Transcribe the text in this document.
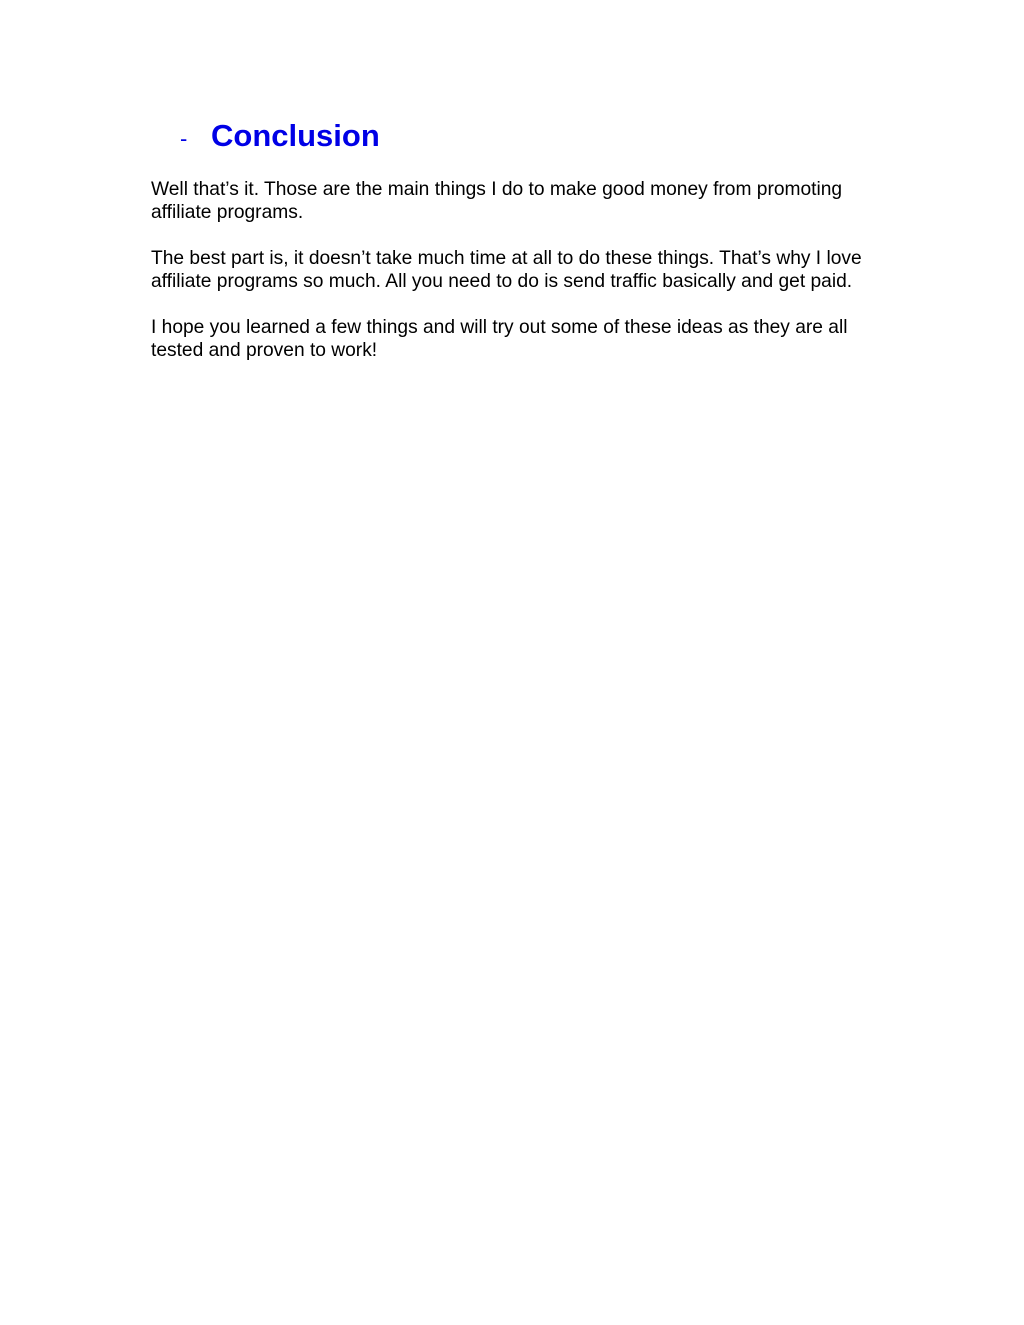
- Conclusion

Well that’s it. Those are the main things I do to make good money from promoting affiliate programs.

The best part is, it doesn’t take much time at all to do these things. That’s why I love affiliate programs so much. All you need to do is send traffic basically and get paid.

I hope you learned a few things and will try out some of these ideas as they are all tested and proven to work!
